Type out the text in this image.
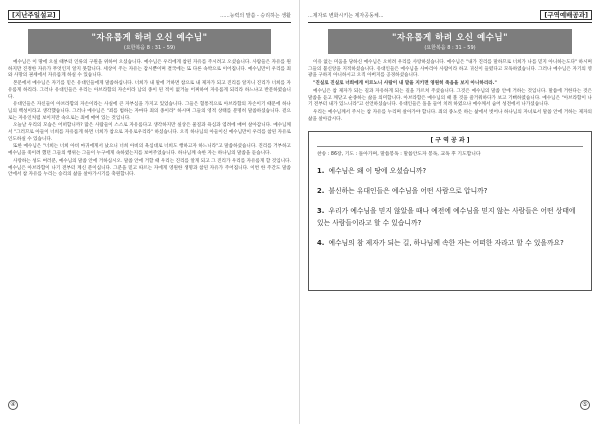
[지난주일설교]	......능력의 말씀 - 승리하는 생활
"자유롭게 하려 오신 예수님"
(요한복음 8 : 31 – 59)

예수님은 이 땅에 오실 때부터 인류의 구원을 위하여 오셨습니다. 예수님은 우리에게 참된 자유를 주시려고 오셨습니다. 사람들은 자유를 원하지만 진정한 자유가 무엇인지 알지 못합니다. 세상이 주는 자유는 잠시뿐이며 결국에는 또 다른 속박으로 이어집니다. 예수님만이 우리를 죄와 사망의 권세에서 자유롭게 하실 수 있습니다.

본문에서 예수님은 자기를 믿은 유대인들에게 말씀하십니다. 너희가 내 말에 거하면 참으로 내 제자가 되고 진리를 알지니 진리가 너희를 자유롭게 하리라. 그러나 유대인들은 우리는 아브라함의 자손이라 남의 종이 된 적이 없거늘 어찌하여 자유롭게 되리라 하느냐고 반문하였습니다.

유대인들은 자신들이 아브라함의 자손이라는 사실에 큰 자부심을 가지고 있었습니다. 그들은 혈통적으로 아브라함의 자손이기 때문에 하나님의 백성이라고 생각했습니다. 그러나 예수님은 "죄를 범하는 자마다 죄의 종이라" 하시며 그들의 영적 상태를 분명히 말씀하셨습니다. 겉으로는 자유인처럼 보이지만 속으로는 죄에 매여 있는 것입니다.

오늘날 우리의 모습은 어떠합니까? 많은 사람들이 스스로 자유롭다고 생각하지만 실상은 물질과 욕심과 염려에 매여 살아갑니다. 예수님께서 "그러므로 아들이 너희를 자유롭게 하면 너희가 참으로 자유로우리라" 하셨습니다. 오직 하나님의 아들이신 예수님만이 우리를 참된 자유로 인도하실 수 있습니다.

또한 예수님은 "너희는 너희 아비 마귀에게서 났으니 너희 아비의 욕심대로 너희도 행하고자 하느니라"고 말씀하셨습니다. 진리를 거부하고 예수님을 죽이려 했던 그들의 행위는 그들이 누구에게 속하였는지를 보여주었습니다. 하나님께 속한 자는 하나님의 말씀을 듣습니다.

사랑하는 성도 여러분, 예수님의 말씀 안에 거하십시오. 말씀 안에 거할 때 우리는 진리를 알게 되고 그 진리가 우리를 자유롭게 할 것입니다. 예수님은 아브라함이 나기 전부터 계신 분이십니다. 그분을 믿고 따르는 자에게 영원한 생명과 참된 자유가 주어집니다. 이번 한 주간도 말씀 안에서 참 자유를 누리는 승리의 삶을 살아가시기를 축원합니다.

④
...제자로 변화시키는 제자공동체...	[구역예배공과]
"자유롭게 하려 오신 예수님"
(요한복음 8 : 31 – 59)

이유 없는 미움을 당하신 예수님은 오히려 우리를 사랑하셨습니다. 예수님은 "내가 진리를 말하므로 너희가 나를 믿지 아니하는도다" 하시며 그들의 불신앙을 지적하셨습니다. 유대인들은 예수님을 사마리아 사람이라 하고 귀신이 들렸다고 모독하였습니다. 그러나 예수님은 자기의 영광을 구하지 아니하시고 오직 아버지를 공경하셨습니다.

"진실로 진실로 너희에게 이르노니 사람이 내 말을 지키면 영원히 죽음을 보지 아니하리라."

예수님은 참 제자가 되는 길과 자유하게 되는 길을 가르쳐 주셨습니다. 그것은 예수님의 말씀 안에 거하는 것입니다. 말씀에 거한다는 것은 말씀을 듣고 깨닫고 순종하는 삶을 의미합니다. 아브라함은 예수님의 때 볼 것을 즐거워하다가 보고 기뻐하였습니다. 예수님은 "아브라함이 나기 전부터 내가 있느니라"고 선언하셨습니다. 유대인들은 돌을 들어 치려 하였으나 예수께서 숨어 성전에서 나가셨습니다.

우리는 예수님께서 주시는 참 자유를 누리며 살아가야 합니다. 죄의 종노릇 하는 삶에서 벗어나 하나님의 자녀로서 말씀 안에 거하는 제자의 삶을 살아갑시다.

[ 구 역 공 과 ]
찬송 : 86장, 기도 : 돌아가며, 말씀봉독 : 말씀안도자 봉독, 교독 후 기도합니다
1. 예수님은 왜 이 땅에 오셨습니까?
2. 불신하는 유대인들은 예수님을 어떤 사람으로 압니까?
3. 우리가 예수님을 믿지 않았을 때나 예전에 예수님을 믿지 않는 사람들은 어떤 상태에 있는 사람들이라고 할 수 있습니까?
4. 예수님의 참 제자가 되는 길, 하나님께 속한 자는 어떠한 자라고 할 수 있을까요?
⑤
